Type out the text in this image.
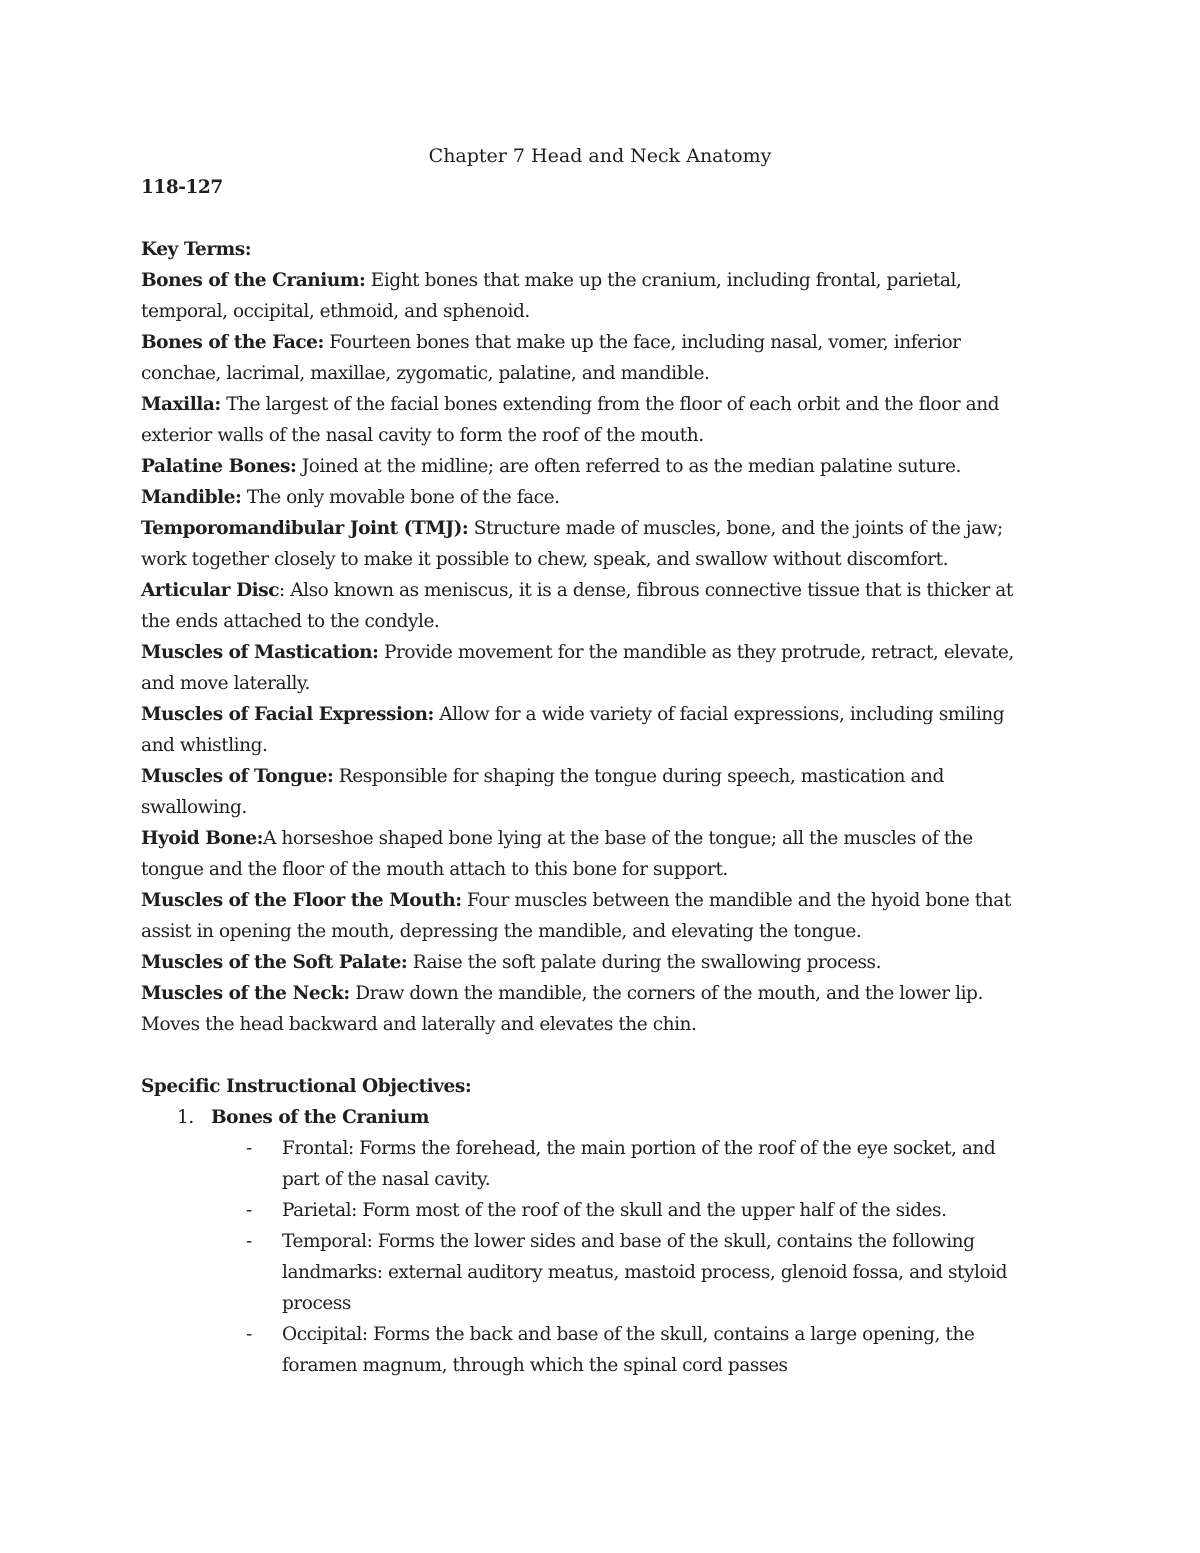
Chapter 7 Head and Neck Anatomy

118-127

Key Terms:

Bones of the Cranium: Eight bones that make up the cranium, including frontal, parietal,

temporal, occipital, ethmoid, and sphenoid.

Bones of the Face: Fourteen bones that make up the face, including nasal, vomer, inferior

conchae, lacrimal, maxillae, zygomatic, palatine, and mandible.

Maxilla: The largest of the facial bones extending from the floor of each orbit and the floor and

exterior walls of the nasal cavity to form the roof of the mouth.

Palatine Bones: Joined at the midline; are often referred to as the median palatine suture.

Mandible: The only movable bone of the face.

Temporomandibular Joint (TMJ): Structure made of muscles, bone, and the joints of the jaw;

work together closely to make it possible to chew, speak, and swallow without discomfort.

Articular Disc: Also known as meniscus, it is a dense, fibrous connective tissue that is thicker at

the ends attached to the condyle.

Muscles of Mastication: Provide movement for the mandible as they protrude, retract, elevate,

and move laterally.

Muscles of Facial Expression: Allow for a wide variety of facial expressions, including smiling

and whistling.

Muscles of Tongue: Responsible for shaping the tongue during speech, mastication and

swallowing.

Hyoid Bone:A horseshoe shaped bone lying at the base of the tongue; all the muscles of the

tongue and the floor of the mouth attach to this bone for support.

Muscles of the Floor the Mouth: Four muscles between the mandible and the hyoid bone that

assist in opening the mouth, depressing the mandible, and elevating the tongue.

Muscles of the Soft Palate: Raise the soft palate during the swallowing process.

Muscles of the Neck: Draw down the mandible, the corners of the mouth, and the lower lip.

Moves the head backward and laterally and elevates the chin.

Specific Instructional Objectives:

1. Bones of the Cranium

- Frontal: Forms the forehead, the main portion of the roof of the eye socket, and

part of the nasal cavity.

- Parietal: Form most of the roof of the skull and the upper half of the sides.

- Temporal: Forms the lower sides and base of the skull, contains the following

landmarks: external auditory meatus, mastoid process, glenoid fossa, and styloid

process

- Occipital: Forms the back and base of the skull, contains a large opening, the

foramen magnum, through which the spinal cord passes
